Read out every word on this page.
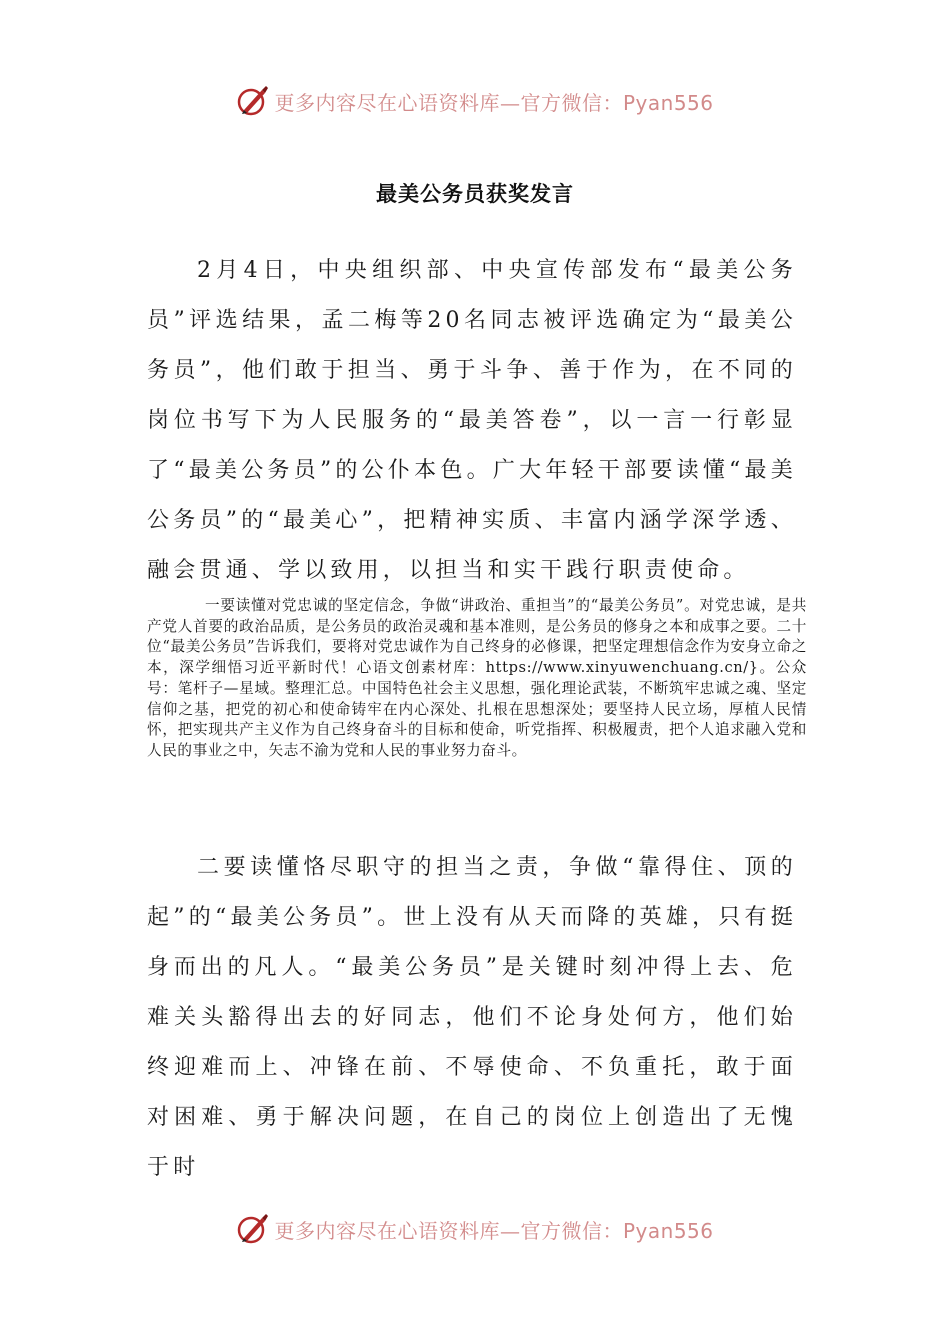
更多内容尽在心语资料库—官方微信：Pyan556
最美公务员获奖发言

2月4日，中央组织部、中央宣传部发布“最美公务员”评选结果，孟二梅等20名同志被评选确定为“最美公务员”，他们敢于担当、勇于斗争、善于作为，在不同的岗位书写下为人民服务的“最美答卷”，以一言一行彰显了“最美公务员”的公仆本色。广大年轻干部要读懂“最美公务员”的“最美心”，把精神实质、丰富内涵学深学透、融会贯通、学以致用，以担当和实干践行职责使命。

一要读懂对党忠诚的坚定信念，争做“讲政治、重担当”的“最美公务员”。对党忠诚，是共产党人首要的政治品质，是公务员的政治灵魂和基本准则，是公务员的修身之本和成事之要。二十位“最美公务员”告诉我们，要将对党忠诚作为自己终身的必修课，把坚定理想信念作为安身立命之本，深学细悟习近平新时代！心语文创素材库：https://www.xinyuwenchuang.cn/}。公众号：笔杆子—星域。整理汇总。中国特色社会主义思想，强化理论武装，不断筑牢忠诚之魂、坚定信仰之基，把党的初心和使命铸牢在内心深处、扎根在思想深处；要坚持人民立场，厚植人民情怀，把实现共产主义作为自己终身奋斗的目标和使命，听党指挥、积极履责，把个人追求融入党和人民的事业之中，矢志不渝为党和人民的事业努力奋斗。

二要读懂恪尽职守的担当之责，争做“靠得住、顶的起”的“最美公务员”。世上没有从天而降的英雄，只有挺身而出的凡人。“最美公务员”是关键时刻冲得上去、危难关头豁得出去的好同志，他们不论身处何方，他们始终迎难而上、冲锋在前、不辱使命、不负重托，敢于面对困难、勇于解决问题，在自己的岗位上创造出了无愧于时

更多内容尽在心语资料库—官方微信：Pyan556
